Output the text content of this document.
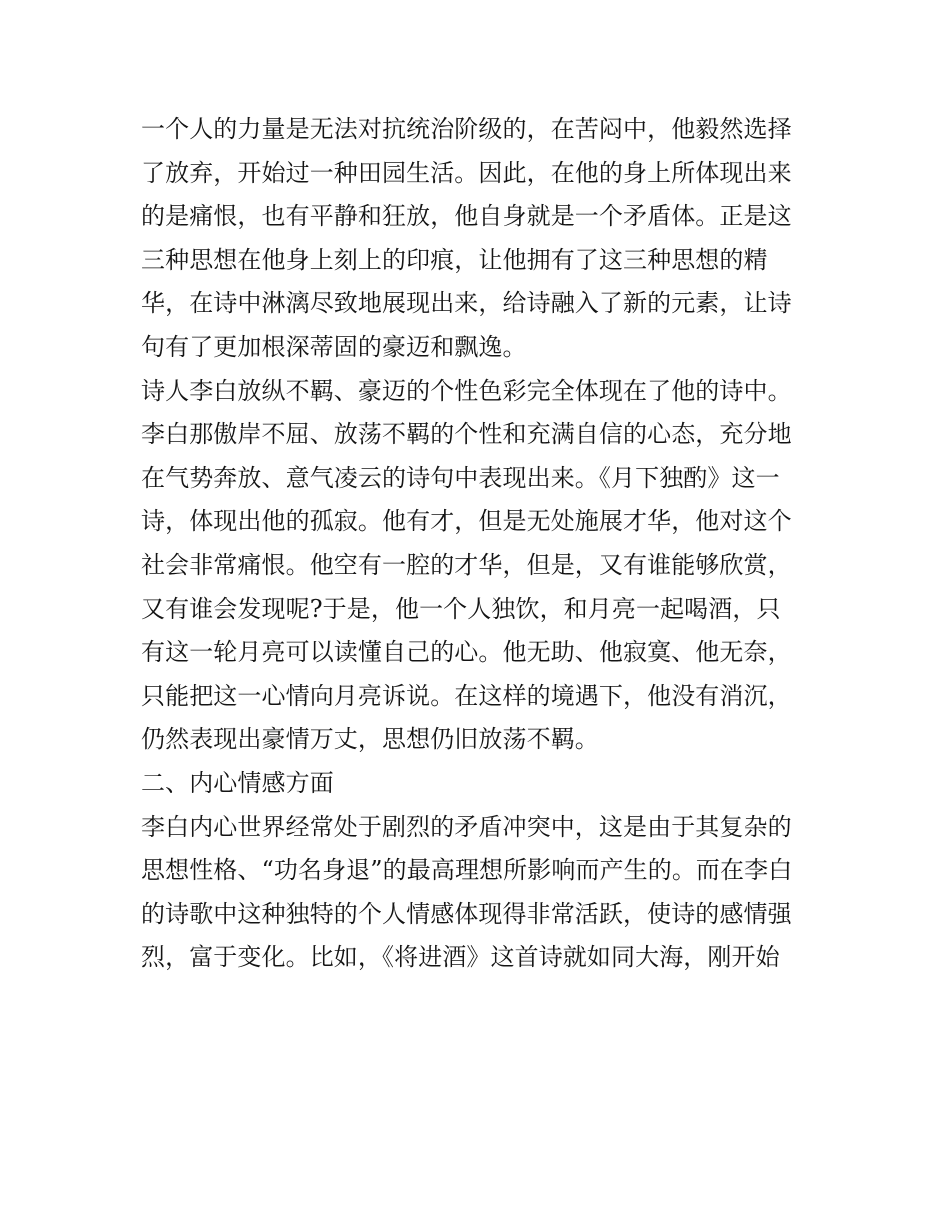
一个人的力量是无法对抗统治阶级的，在苦闷中，他毅然选择
了放弃，开始过一种田园生活。因此，在他的身上所体现出来
的是痛恨，也有平静和狂放，他自身就是一个矛盾体。正是这
三种思想在他身上刻上的印痕，让他拥有了这三种思想的精
华，在诗中淋漓尽致地展现出来，给诗融入了新的元素，让诗
句有了更加根深蒂固的豪迈和飘逸。
诗人李白放纵不羁、豪迈的个性色彩完全体现在了他的诗中。
李白那傲岸不屈、放荡不羁的个性和充满自信的心态，充分地
在气势奔放、意气凌云的诗句中表现出来。《月下独酌》这一
诗，体现出他的孤寂。他有才，但是无处施展才华，他对这个
社会非常痛恨。他空有一腔的才华，但是，又有谁能够欣赏，
又有谁会发现呢?于是，他一个人独饮，和月亮一起喝酒，只
有这一轮月亮可以读懂自己的心。他无助、他寂寞、他无奈，
只能把这一心情向月亮诉说。在这样的境遇下，他没有消沉，
仍然表现出豪情万丈，思想仍旧放荡不羁。
二、内心情感方面
李白内心世界经常处于剧烈的矛盾冲突中，这是由于其复杂的
思想性格、“功名身退”的最高理想所影响而产生的。而在李白
的诗歌中这种独特的个人情感体现得非常活跃，使诗的感情强
烈，富于变化。比如，《将进酒》这首诗就如同大海，刚开始
